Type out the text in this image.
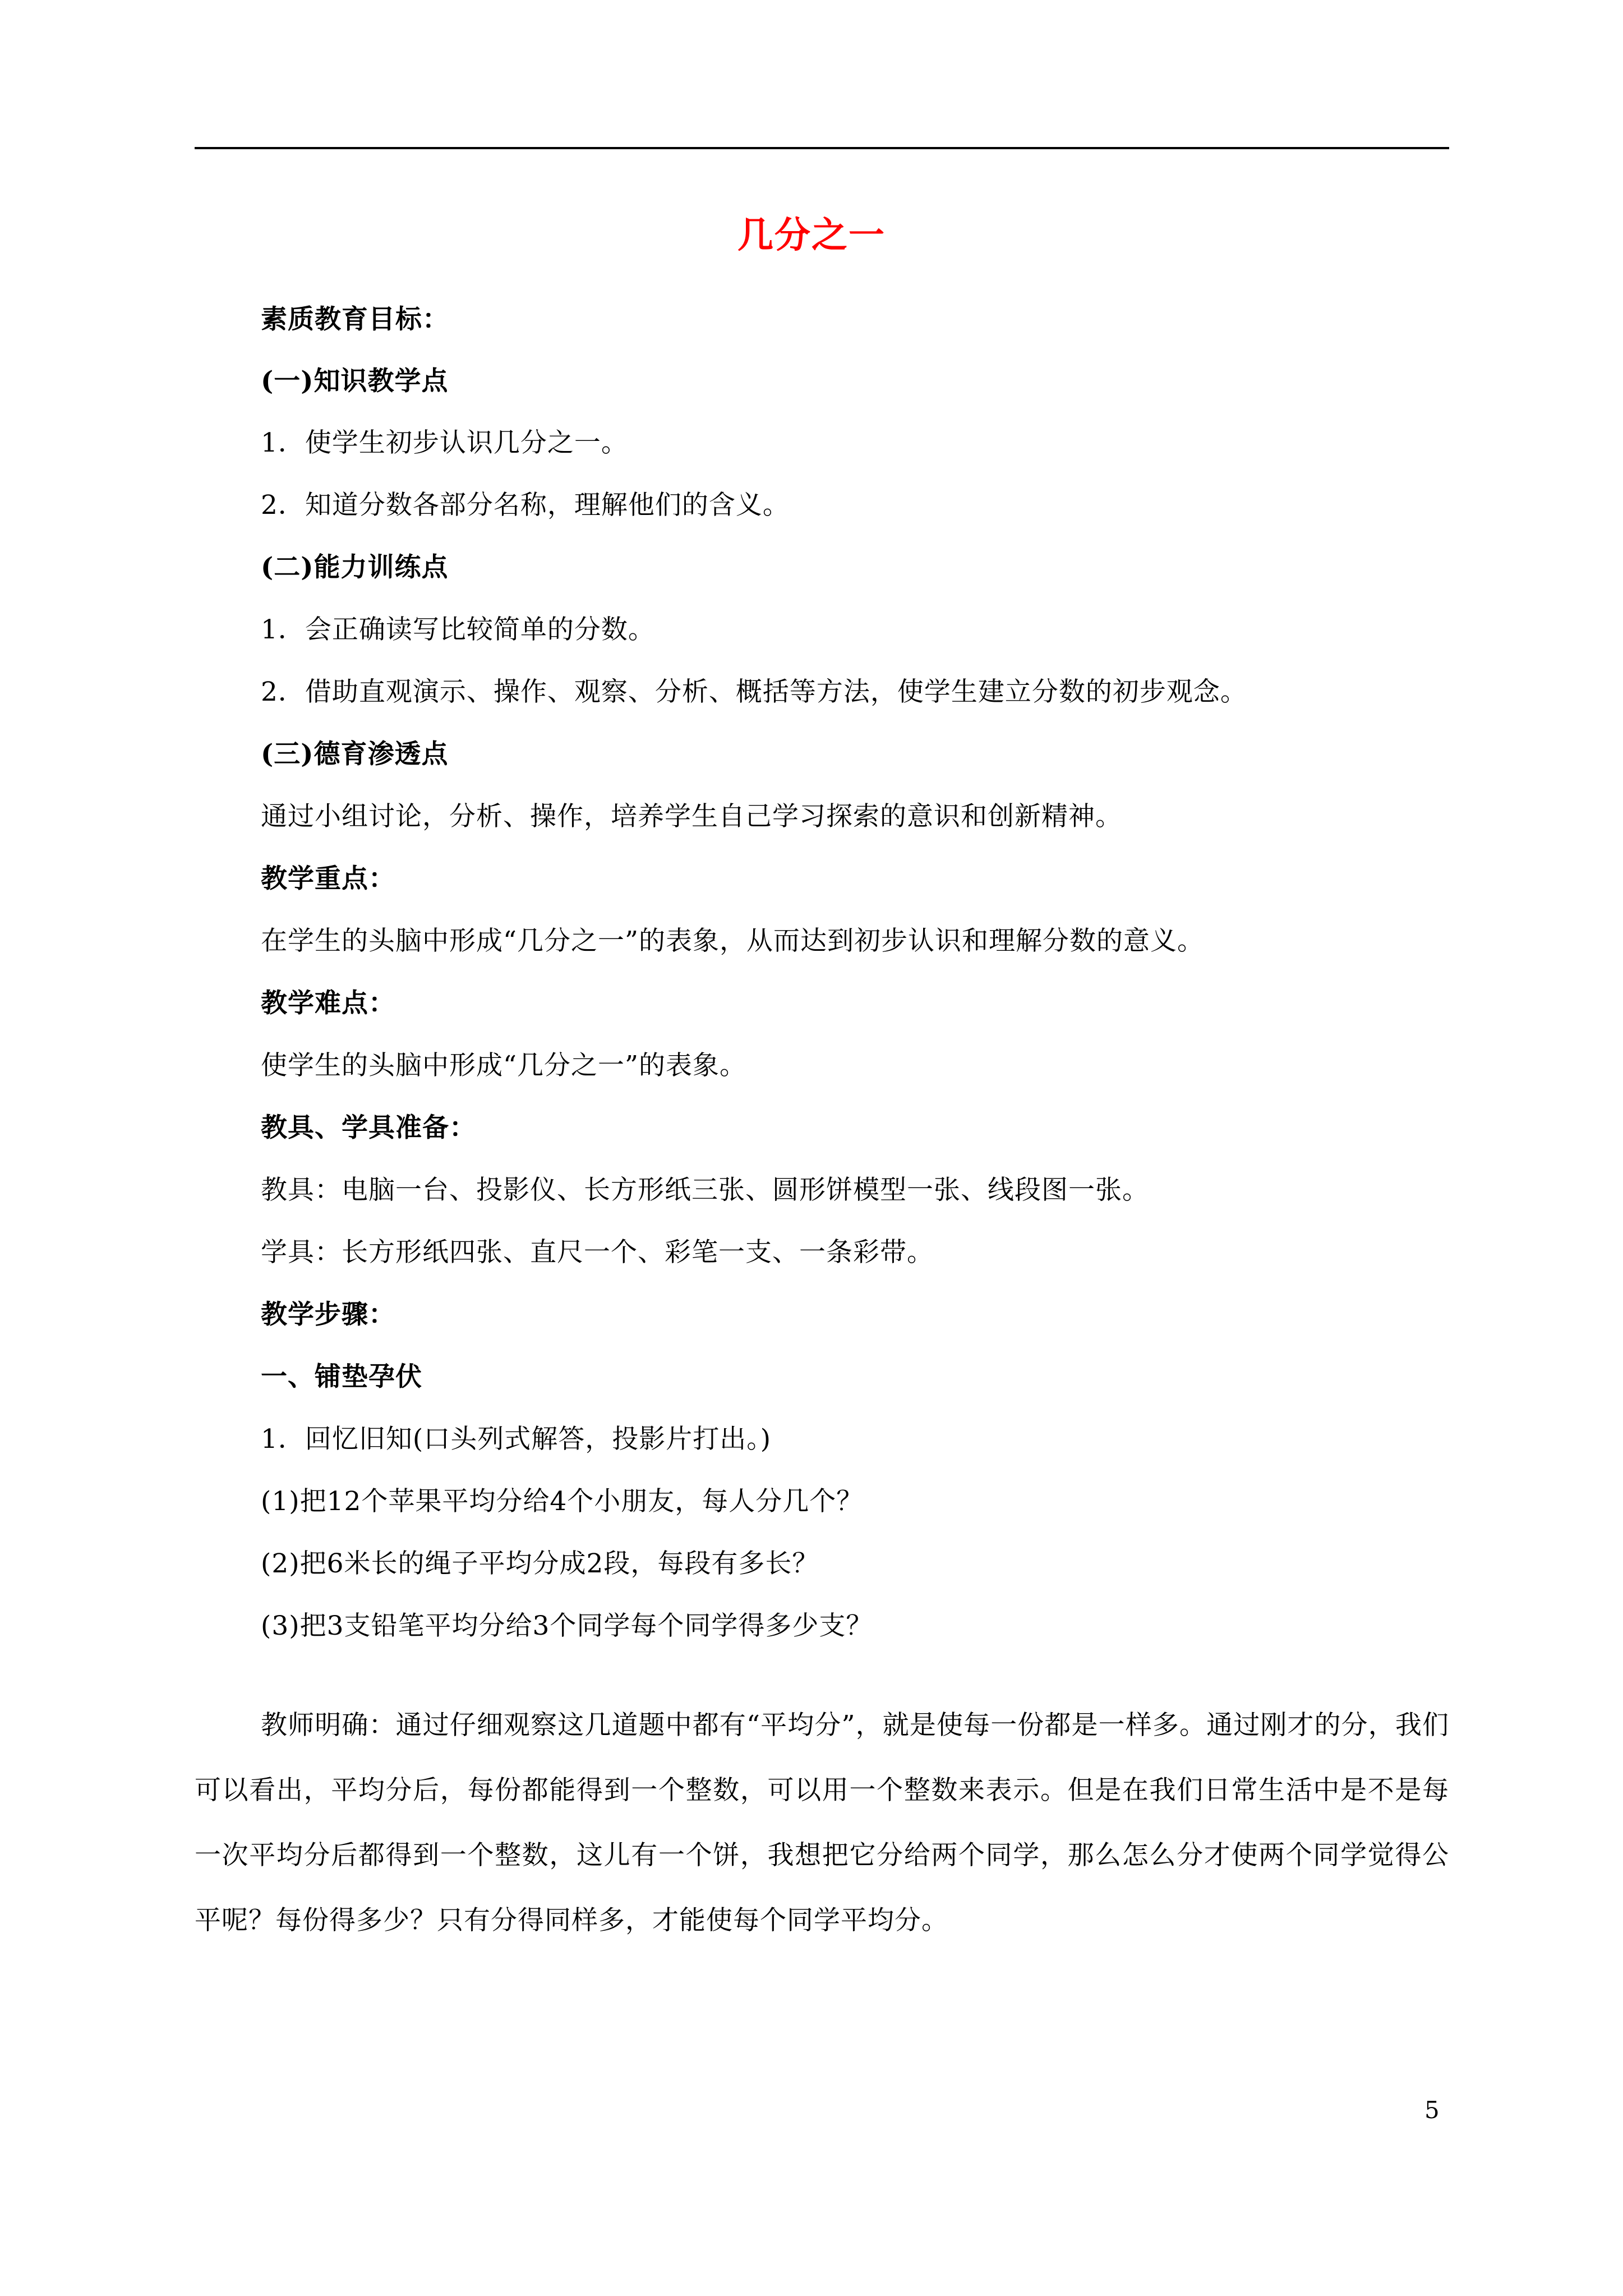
几分之一
素质教育目标：
(一)知识教学点
1．使学生初步认识几分之一。
2．知道分数各部分名称，理解他们的含义。
(二)能力训练点
1．会正确读写比较简单的分数。
2．借助直观演示、操作、观察、分析、概括等方法，使学生建立分数的初步观念。
(三)德育渗透点
通过小组讨论，分析、操作，培养学生自己学习探索的意识和创新精神。
教学重点：
在学生的头脑中形成“几分之一”的表象，从而达到初步认识和理解分数的意义。
教学难点：
使学生的头脑中形成“几分之一”的表象。
教具、学具准备：
教具：电脑一台、投影仪、长方形纸三张、圆形饼模型一张、线段图一张。
学具：长方形纸四张、直尺一个、彩笔一支、一条彩带。
教学步骤：
一、铺垫孕伏
1．回忆旧知(口头列式解答，投影片打出。)
(1)把12个苹果平均分给4个小朋友，每人分几个？
(2)把6米长的绳子平均分成2段，每段有多长？
(3)把3支铅笔平均分给3个同学每个同学得多少支？
教师明确：通过仔细观察这几道题中都有“平均分”，就是使每一份都是一样多。通过刚才的分，我们可以看出，平均分后，每份都能得到一个整数，可以用一个整数来表示。但是在我们日常生活中是不是每一次平均分后都得到一个整数，这儿有一个饼，我想把它分给两个同学，那么怎么分才使两个同学觉得公平呢？每份得多少？只有分得同样多，才能使每个同学平均分。
5
